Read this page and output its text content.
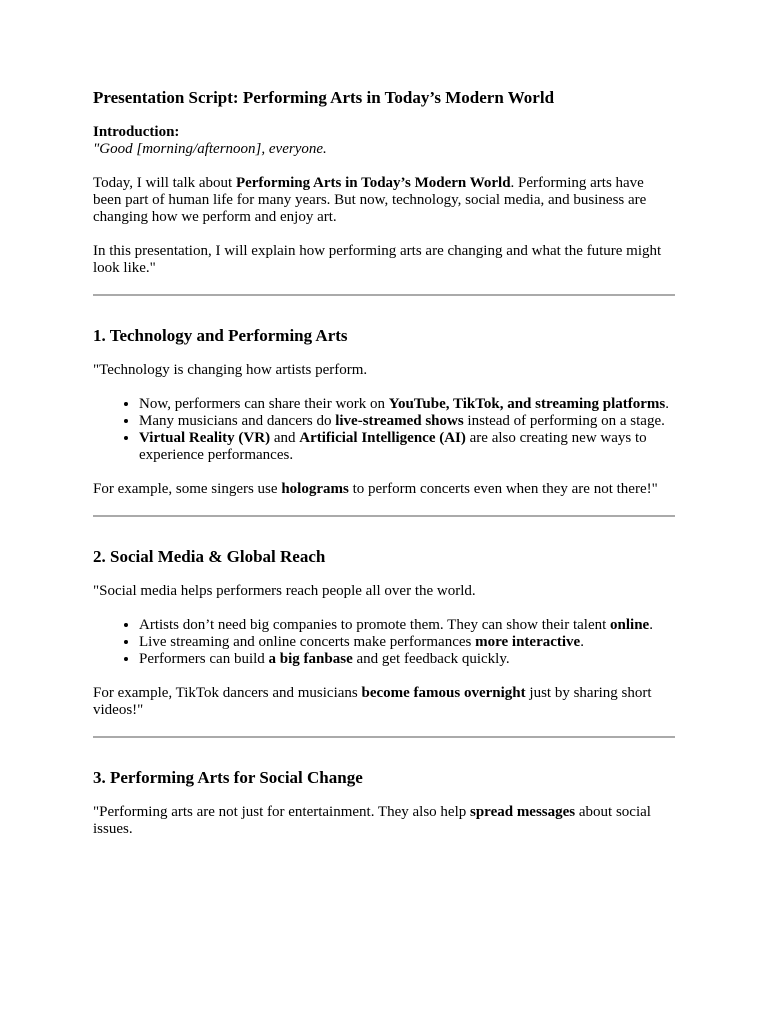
Presentation Script: Performing Arts in Today’s Modern World

Introduction:

"Good [morning/afternoon], everyone.

Today, I will talk about Performing Arts in Today’s Modern World. Performing arts have been part of human life for many years. But now, technology, social media, and business are changing how we perform and enjoy art.

In this presentation, I will explain how performing arts are changing and what the future might look like."

1. Technology and Performing Arts

"Technology is changing how artists perform.

• Now, performers can share their work on YouTube, TikTok, and streaming platforms.
• Many musicians and dancers do live-streamed shows instead of performing on a stage.
• Virtual Reality (VR) and Artificial Intelligence (AI) are also creating new ways to experience performances.

For example, some singers use holograms to perform concerts even when they are not there!"

2. Social Media & Global Reach

"Social media helps performers reach people all over the world.

• Artists don’t need big companies to promote them. They can show their talent online.
• Live streaming and online concerts make performances more interactive.
• Performers can build a big fanbase and get feedback quickly.

For example, TikTok dancers and musicians become famous overnight just by sharing short videos!"

3. Performing Arts for Social Change

"Performing arts are not just for entertainment. They also help spread messages about social issues.
